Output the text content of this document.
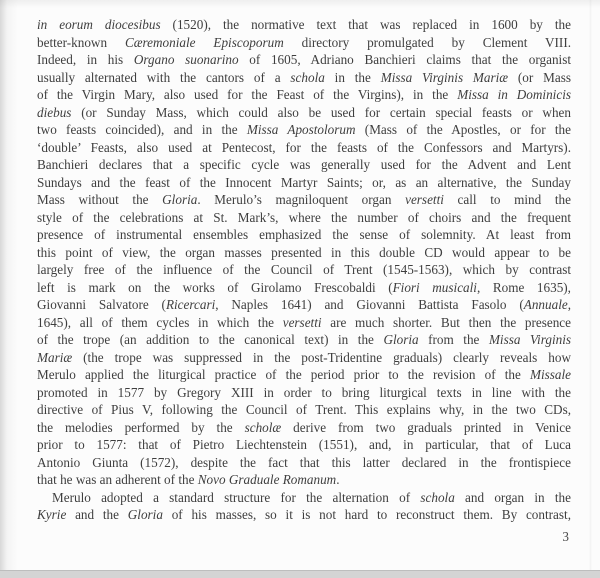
in eorum diocesibus (1520), the normative text that was replaced in 1600 by the
better-known Cæremoniale Episcoporum directory promulgated by Clement VIII.
Indeed, in his Organo suonarino of 1605, Adriano Banchieri claims that the organist
usually alternated with the cantors of a schola in the Missa Virginis Mariæ (or Mass
of the Virgin Mary, also used for the Feast of the Virgins), in the Missa in Dominicis
diebus (or Sunday Mass, which could also be used for certain special feasts or when
two feasts coincided), and in the Missa Apostolorum (Mass of the Apostles, or for the
‘double’ Feasts, also used at Pentecost, for the feasts of the Confessors and Martyrs).
Banchieri declares that a specific cycle was generally used for the Advent and Lent
Sundays and the feast of the Innocent Martyr Saints; or, as an alternative, the Sunday
Mass without the Gloria. Merulo’s magniloquent organ versetti call to mind the
style of the celebrations at St. Mark’s, where the number of choirs and the frequent
presence of instrumental ensembles emphasized the sense of solemnity. At least from
this point of view, the organ masses presented in this double CD would appear to be
largely free of the influence of the Council of Trent (1545-1563), which by contrast
left is mark on the works of Girolamo Frescobaldi (Fiori musicali, Rome 1635),
Giovanni Salvatore (Ricercari, Naples 1641) and Giovanni Battista Fasolo (Annuale,
1645), all of them cycles in which the versetti are much shorter. But then the presence
of the trope (an addition to the canonical text) in the Gloria from the Missa Virginis
Mariæ (the trope was suppressed in the post-Tridentine graduals) clearly reveals how
Merulo applied the liturgical practice of the period prior to the revision of the Missale
promoted in 1577 by Gregory XIII in order to bring liturgical texts in line with the
directive of Pius V, following the Council of Trent. This explains why, in the two CDs,
the melodies performed by the scholæ derive from two graduals printed in Venice
prior to 1577: that of Pietro Liechtenstein (1551), and, in particular, that of Luca
Antonio Giunta (1572), despite the fact that this latter declared in the frontispiece
that he was an adherent of the Novo Graduale Romanum.
Merulo adopted a standard structure for the alternation of schola and organ in the
Kyrie and the Gloria of his masses, so it is not hard to reconstruct them. By contrast,
3
